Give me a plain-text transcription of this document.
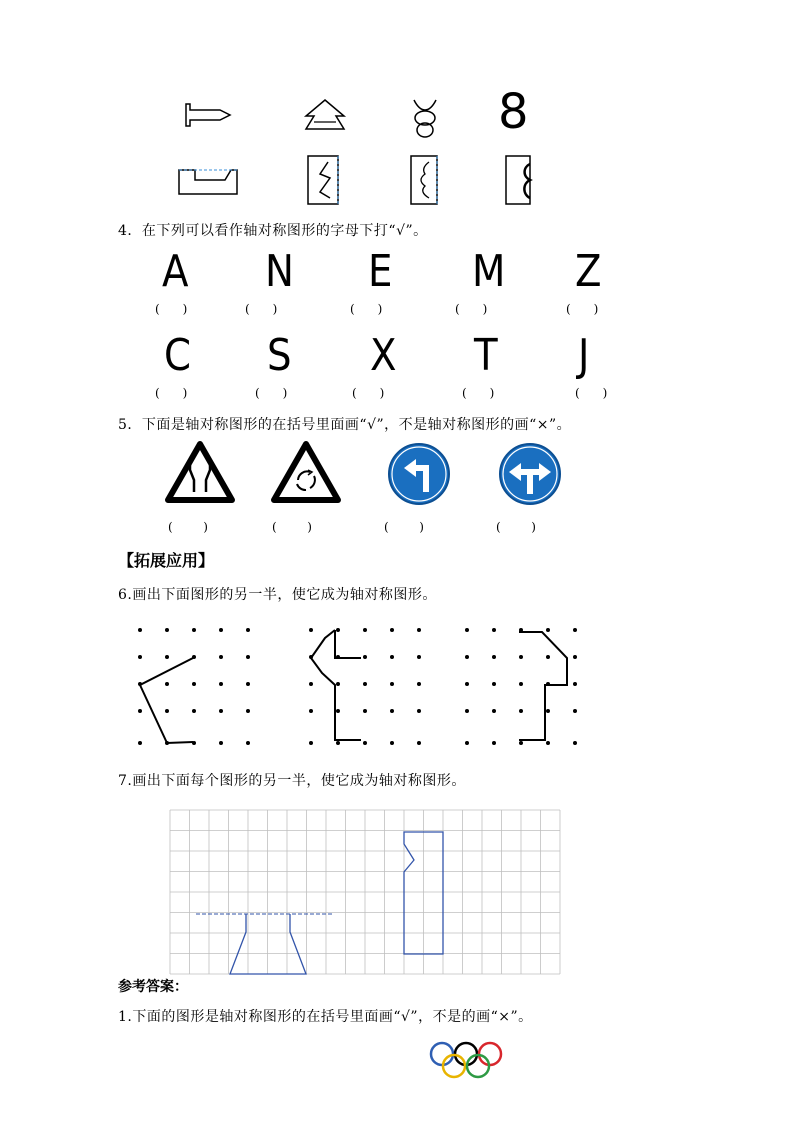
8
4．在下列可以看作轴对称图形的字母下打“√”。
A N E M Z
(      )	(      )	(      )	(      )	(      )
C S X T J
(      )	(      )	(      )	(      )	(      )
5．下面是轴对称图形的在括号里面画“√”，不是轴对称图形的画“×”。
(        )	(        )	(        )	(        )
【拓展应用】
6.画出下面图形的另一半，使它成为轴对称图形。
7.画出下面每个图形的另一半，使它成为轴对称图形。
参考答案：
1.下面的图形是轴对称图形的在括号里面画“√”，不是的画“×”。
